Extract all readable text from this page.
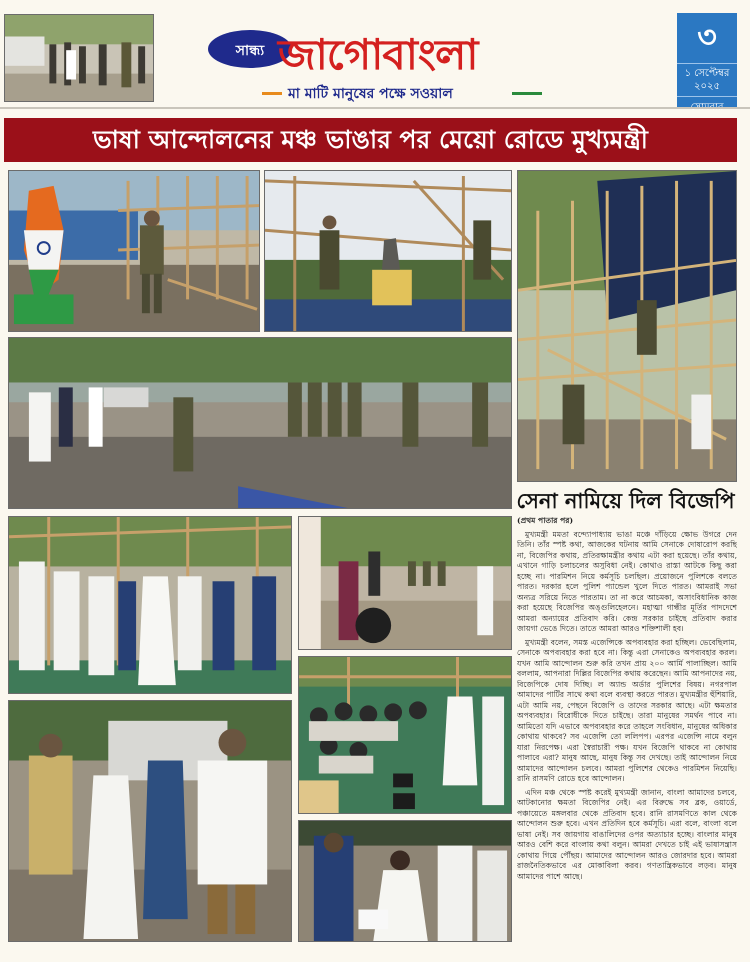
সান্ধ্য জাগোবাংলা
মা মাটি মানুষের পক্ষে সওয়াল
৩
১ সেপ্টেম্বর ২০২৫
ভাষা আন্দোলনের মঞ্চ ভাঙার পর মেয়ো রোডে মুখ্যমন্ত্রী
সেনা নামিয়ে দিল বিজেপি

(প্রথম পাতার পর)

মুখ্যমন্ত্রী মমতা বন্দ্যোপাধ্যায় ভাঙা মঞ্চে দাঁড়িয়ে ক্ষোভ উগরে দেন তিনি। তাঁর স্পষ্ট কথা, আজকের ঘটনায় আমি সেনাকে দোষারোপ করছি না, বিজেপির কথায়, প্রতিরক্ষামন্ত্রীর কথায় এটা করা হয়েছে। তাঁর কথায়, এখানে গাড়ি চলাচলের অসুবিধা নেই। কোথাও রাস্তা আটকে কিছু করা হচ্ছে না। পারমিশন নিয়ে কর্মসূচি চলছিল। প্রয়োজনে পুলিশকে বলতে পারত। দরকার হলে পুলিশ প্যান্ডেল খুলে দিতে পারত। আমরাই সভা অন্যত্র সরিয়ে নিতে পারতাম। তা না করে আচমকা, অসাংবিধানিক কাজ করা হয়েছে বিজেপির অঙ্গুলিহেলনে। মহাত্মা গান্ধীর মূর্তির পাদদেশে আমরা অন্যায়ের প্রতিবাদ করি। কেন্দ্র সরকার চাইছে প্রতিবাদ করার জায়গা ভেঙে দিতে। তাতে আমরা আরও শক্তিশালী হব।

মুখ্যমন্ত্রী বলেন, সমস্ত এজেন্সিকে অপব্যবহার করা হচ্ছিল। ভেবেছিলাম, সেনাকে অপব্যবহার করা হবে না। কিন্তু এরা সেনাকেও অপব্যবহার করল। যখন আমি আন্দোলন শুরু করি তখন প্রায় ২০০ আর্মি পালাচ্ছিল। আমি বললাম, আপনারা দিল্লির বিজেপির কথায় করেছেন। আমি আপনাদের নয়, বিজেপিকে দোষ দিচ্ছি। ল অ্যান্ড অর্ডার পুলিশের বিষয়। নগরপাল আমাদের পার্টির সাথে কথা বলে ব্যবস্থা করতে পারত। মুখ্যমন্ত্রীর হুঁশিয়ারি, এটা আমি নয়, পেছনে বিজেপি ও তাদের সরকার আছে। এটা ক্ষমতার অপব্যবহার। বিরোধীকে দিতে চাইছে। তারা মানুষের সমর্থন পাবে না। আমিতো যদি এভাবে অপব্যবহার করে তাহলে সংবিধান, মানুষের অধিকার কোথায় থাকবে? সব এজেন্সি তো ললিপপ। এরপর এজেন্সি নামে বলুন যারা নিরপেক্ষ। এরা স্বৈরাচারী পক্ষ। যখন বিজেপি থাকবে না কোথায় পালাবে এরা? মানুষ আছে, মানুষ কিন্তু সব দেখছে। তাই আন্দোলন নিয়ে আমাদের আন্দোলন চলবে। আমরা পুলিশের থেকেও পারমিশন নিয়েছি। রানি রাসমণি রোডে হবে আন্দোলন।

এদিন মঞ্চ থেকে স্পষ্ট করেই মুখ্যমন্ত্রী জানান, বাংলা আমাদের চলবে, আটকানোর ক্ষমতা বিজেপির নেই। এর বিরুদ্ধে সব ব্লক, ওয়ার্ডে, পঞ্চায়েতে মঙ্গলবার থেকে প্রতিবাদ হবে। রানি রাসমণিতে কাল থেকে আন্দোলন শুরু হবে। এখন প্রতিদিন হবে কর্মসূচি। এরা বলে, বাংলা বলে ভাষা নেই। সব জায়গায় বাঙালিদের ওপর অত্যাচার হচ্ছে। বাংলার মানুষ আরও বেশি করে বাংলায় কথা বলুন। আমরা দেখতে চাই এই ভাষাসন্ত্রাস কোথায় গিয়ে পৌঁছয়। আমাদের আন্দোলন আরও জোরদার হবে। আমরা রাজনৈতিকভাবে এর মোকাবিলা করব। গণতান্ত্রিকভাবে লড়ব। মানুষ আমাদের পাশে আছে।
